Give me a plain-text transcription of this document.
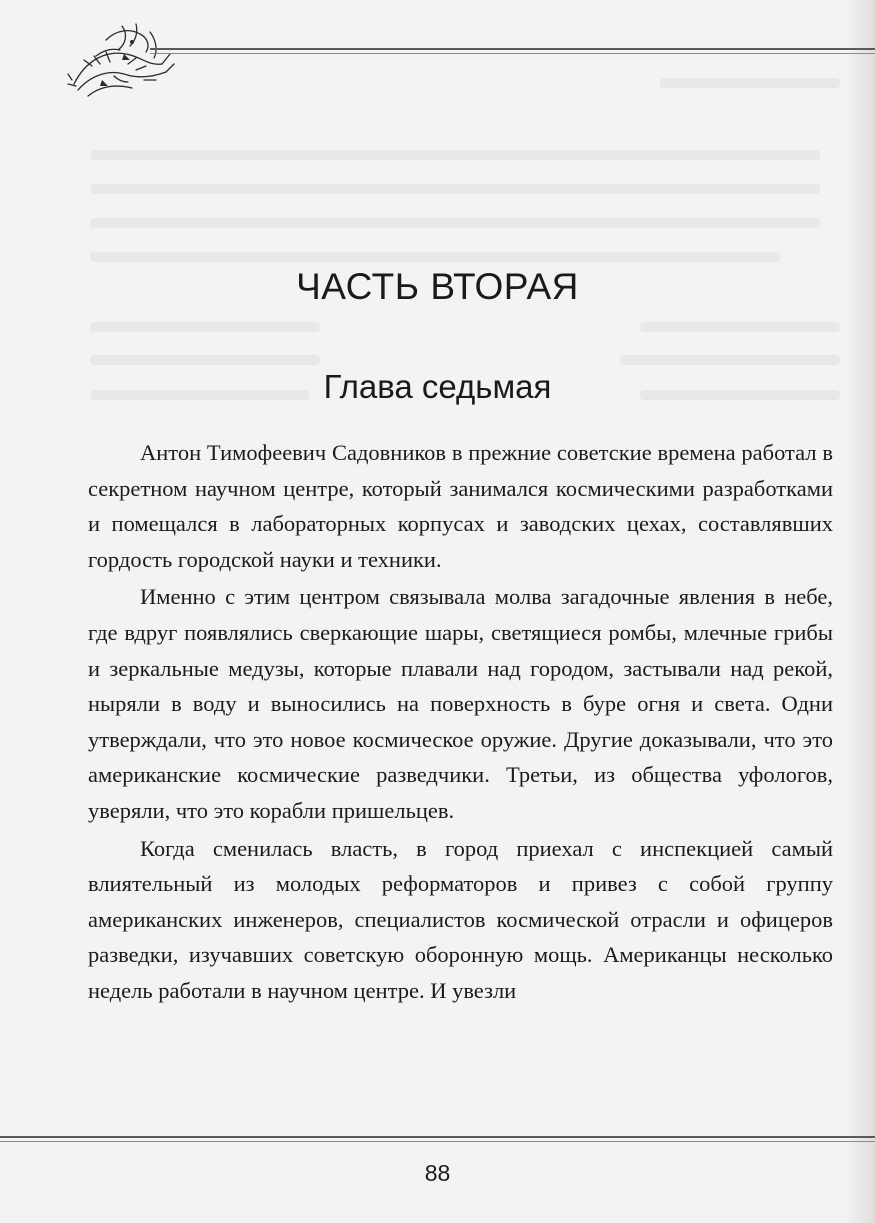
ЧАСТЬ ВТОРАЯ
Глава седьмая

Антон Тимофеевич Садовников в прежние советские времена работал в секретном научном центре, который занимался космическими разработками и помещался в лабораторных корпусах и заводских цехах, составлявших гордость городской науки и техники.

Именно с этим центром связывала молва загадочные явления в небе, где вдруг появлялись сверкающие шары, светящиеся ромбы, млечные грибы и зеркальные медузы, которые плавали над городом, застывали над рекой, ныряли в воду и выносились на поверхность в буре огня и света. Одни утверждали, что это новое космическое оружие. Другие доказывали, что это американские космические разведчики. Третьи, из общества уфологов, уверяли, что это корабли пришельцев.

Когда сменилась власть, в город приехал с инспекцией самый влиятельный из молодых реформаторов и привез с собой группу американских инженеров, специалистов космической отрасли и офицеров разведки, изучавших советскую оборонную мощь. Американцы несколько недель работали в научном центре. И увезли

88
